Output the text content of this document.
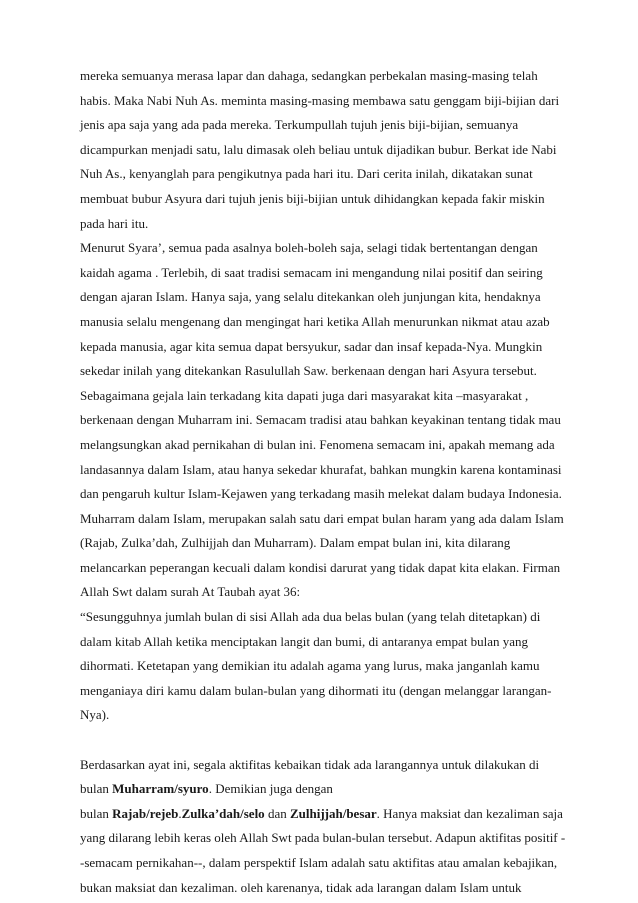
mereka semuanya merasa lapar dan dahaga, sedangkan perbekalan masing-masing telah
habis. Maka Nabi Nuh As. meminta masing-masing membawa satu genggam biji-bijian dari
jenis apa saja yang ada pada mereka. Terkumpullah tujuh jenis biji-bijian, semuanya
dicampurkan menjadi satu, lalu dimasak oleh beliau untuk dijadikan bubur. Berkat ide Nabi
Nuh As., kenyanglah para pengikutnya pada hari itu. Dari cerita inilah, dikatakan sunat
membuat bubur Asyura dari tujuh jenis biji-bijian untuk dihidangkan kepada fakir miskin
pada hari itu.
Menurut Syara’, semua pada asalnya boleh-boleh saja, selagi tidak bertentangan dengan
kaidah agama . Terlebih, di saat tradisi semacam ini mengandung nilai positif dan seiring
dengan ajaran Islam. Hanya saja, yang selalu ditekankan oleh junjungan kita, hendaknya
manusia selalu mengenang dan mengingat hari ketika Allah menurunkan nikmat atau azab
kepada manusia, agar kita semua dapat bersyukur, sadar dan insaf kepada-Nya. Mungkin
sekedar inilah yang ditekankan Rasulullah Saw. berkenaan dengan hari Asyura tersebut.
Sebagaimana gejala lain terkadang kita dapati juga dari masyarakat kita –masyarakat ,
berkenaan dengan Muharram ini. Semacam tradisi atau bahkan keyakinan tentang tidak mau
melangsungkan akad pernikahan di bulan ini. Fenomena semacam ini, apakah memang ada
landasannya dalam Islam, atau hanya sekedar khurafat, bahkan mungkin karena kontaminasi
dan pengaruh kultur Islam-Kejawen yang terkadang masih melekat dalam budaya Indonesia.
Muharram dalam Islam, merupakan salah satu dari empat bulan haram yang ada dalam Islam
(Rajab, Zulka’dah, Zulhijjah dan Muharram). Dalam empat bulan ini, kita dilarang
melancarkan peperangan kecuali dalam kondisi darurat yang tidak dapat kita elakan. Firman
Allah Swt dalam surah At Taubah ayat 36:
“Sesungguhnya jumlah bulan di sisi Allah ada dua belas bulan (yang telah ditetapkan) di
dalam kitab Allah ketika menciptakan langit dan bumi, di antaranya empat bulan yang
dihormati. Ketetapan yang demikian itu adalah agama yang lurus, maka janganlah kamu
menganiaya diri kamu dalam bulan-bulan yang dihormati itu (dengan melanggar larangan-
Nya).
Berdasarkan ayat ini, segala aktifitas kebaikan tidak ada larangannya untuk dilakukan di
bulan Muharram/syuro. Demikian juga dengan
bulan Rajab/rejeb.Zulka’dah/selo dan Zulhijjah/besar. Hanya maksiat dan kezaliman saja
yang dilarang lebih keras oleh Allah Swt pada bulan-bulan tersebut. Adapun aktifitas positif -
-semacam pernikahan--, dalam perspektif Islam adalah satu aktifitas atau amalan kebajikan,
bukan maksiat dan kezaliman. oleh karenanya, tidak ada larangan dalam Islam untuk
